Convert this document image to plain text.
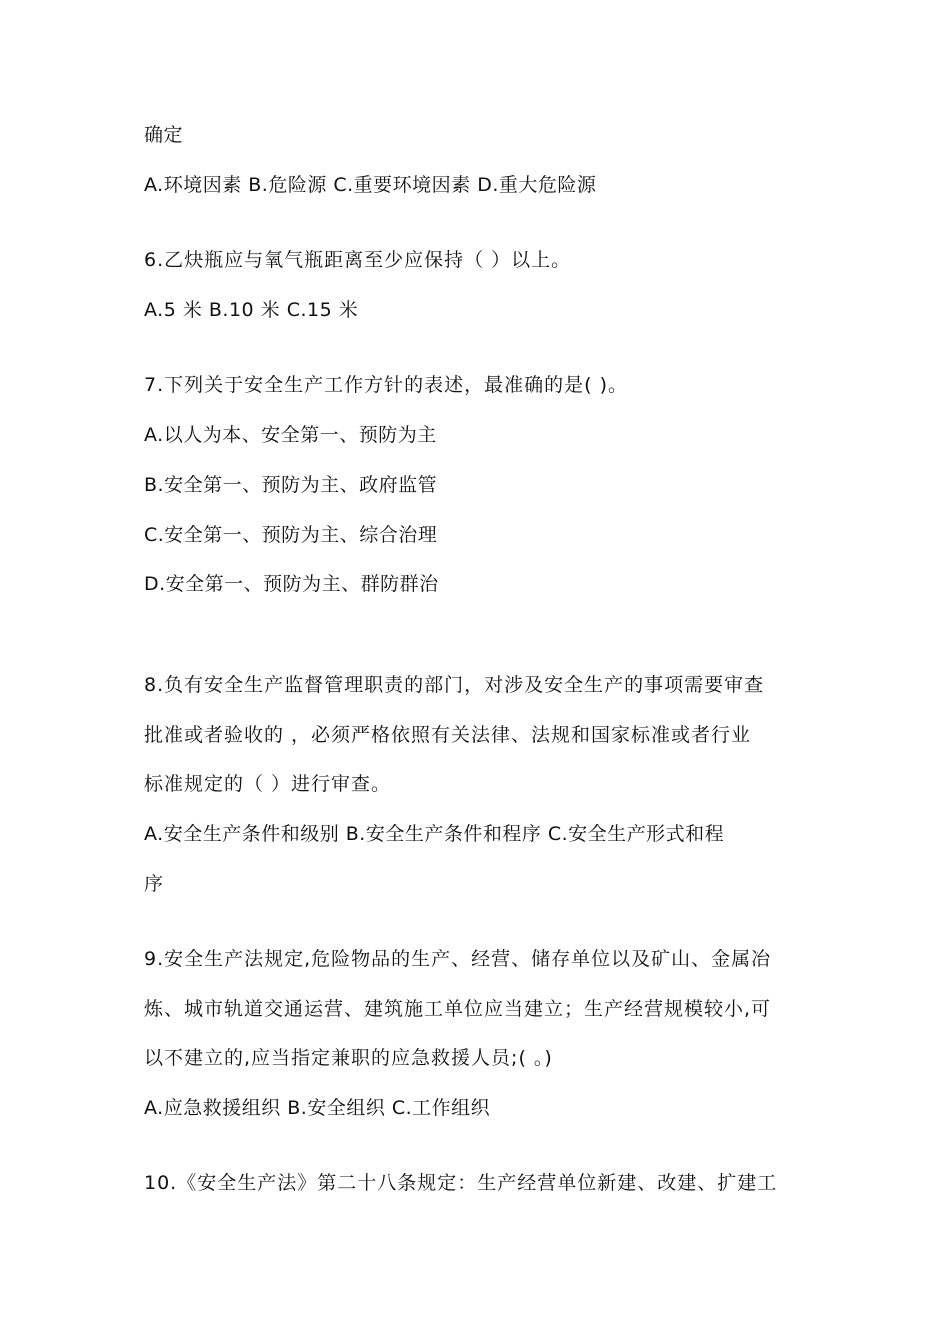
确定
A.环境因素 B.危险源 C.重要环境因素 D.重大危险源
6.乙炔瓶应与氧气瓶距离至少应保持（ ）以上。
A.5 米 B.10 米 C.15 米
7.下列关于安全生产工作方针的表述，最准确的是( )。
A.以人为本、安全第一、预防为主
B.安全第一、预防为主、政府监管
C.安全第一、预防为主、综合治理
D.安全第一、预防为主、群防群治
8.负有安全生产监督管理职责的部门，对涉及安全生产的事项需要审查
批准或者验收的 ，必须严格依照有关法律、法规和国家标准或者行业
标准规定的（ ）进行审查。
A.安全生产条件和级别 B.安全生产条件和程序 C.安全生产形式和程
序
9.安全生产法规定,危险物品的生产、经营、储存单位以及矿山、金属冶
炼、城市轨道交通运营、建筑施工单位应当建立；生产经营规模较小,可
以不建立的,应当指定兼职的应急救援人员;( 。)
A.应急救援组织 B.安全组织 C.工作组织
10.《安全生产法》第二十八条规定：生产经营单位新建、改建、扩建工
